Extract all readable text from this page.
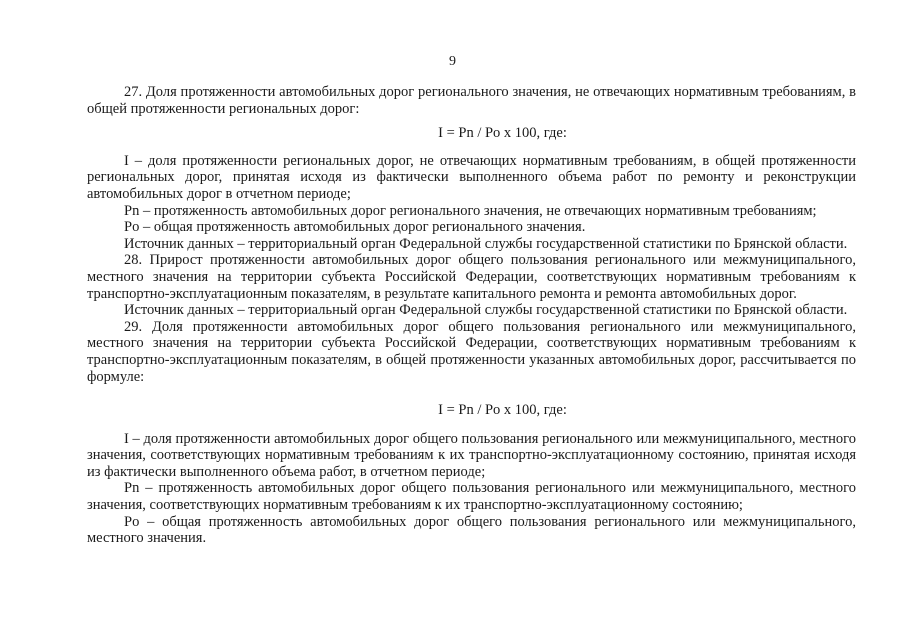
9

27. Доля протяженности автомобильных дорог регионального значения, не отвечающих нормативным требованиям, в общей протяженности региональных дорог:

I = Pn / Po x 100, где:

I – доля протяженности региональных дорог, не отвечающих нормативным требованиям, в общей протяженности региональных дорог, принятая исходя из фактически выполненного объема работ по ремонту и реконструкции автомобильных дорог в отчетном периоде;

Pn – протяженность автомобильных дорог регионального значения, не отвечающих нормативным требованиям;

Po – общая протяженность автомобильных дорог регионального значения.

Источник данных – территориальный орган Федеральной службы государственной статистики по Брянской области.

28. Прирост протяженности автомобильных дорог общего пользования регионального или межмуниципального, местного значения на территории субъекта Российской Федерации, соответствующих нормативным требованиям к транспортно-эксплуатационным показателям, в результате капитального ремонта и ремонта автомобильных дорог.

Источник данных – территориальный орган Федеральной службы государственной статистики по Брянской области.

29. Доля протяженности автомобильных дорог общего пользования регионального или межмуниципального, местного значения на территории субъекта Российской Федерации, соответствующих нормативным требованиям к транспортно-эксплуатационным показателям, в общей протяженности указанных автомобильных дорог, рассчитывается по формуле:

I = Pn / Po x 100, где:

I – доля протяженности автомобильных дорог общего пользования регионального или межмуниципального, местного значения, соответствующих нормативным требованиям к их транспортно-эксплуатационному состоянию, принятая исходя из фактически выполненного объема работ, в отчетном периоде;

Pn – протяженность автомобильных дорог общего пользования регионального или межмуниципального, местного значения, соответствующих нормативным требованиям к их транспортно-эксплуатационному состоянию;

Po – общая протяженность автомобильных дорог общего пользования регионального или межмуниципального, местного значения.
